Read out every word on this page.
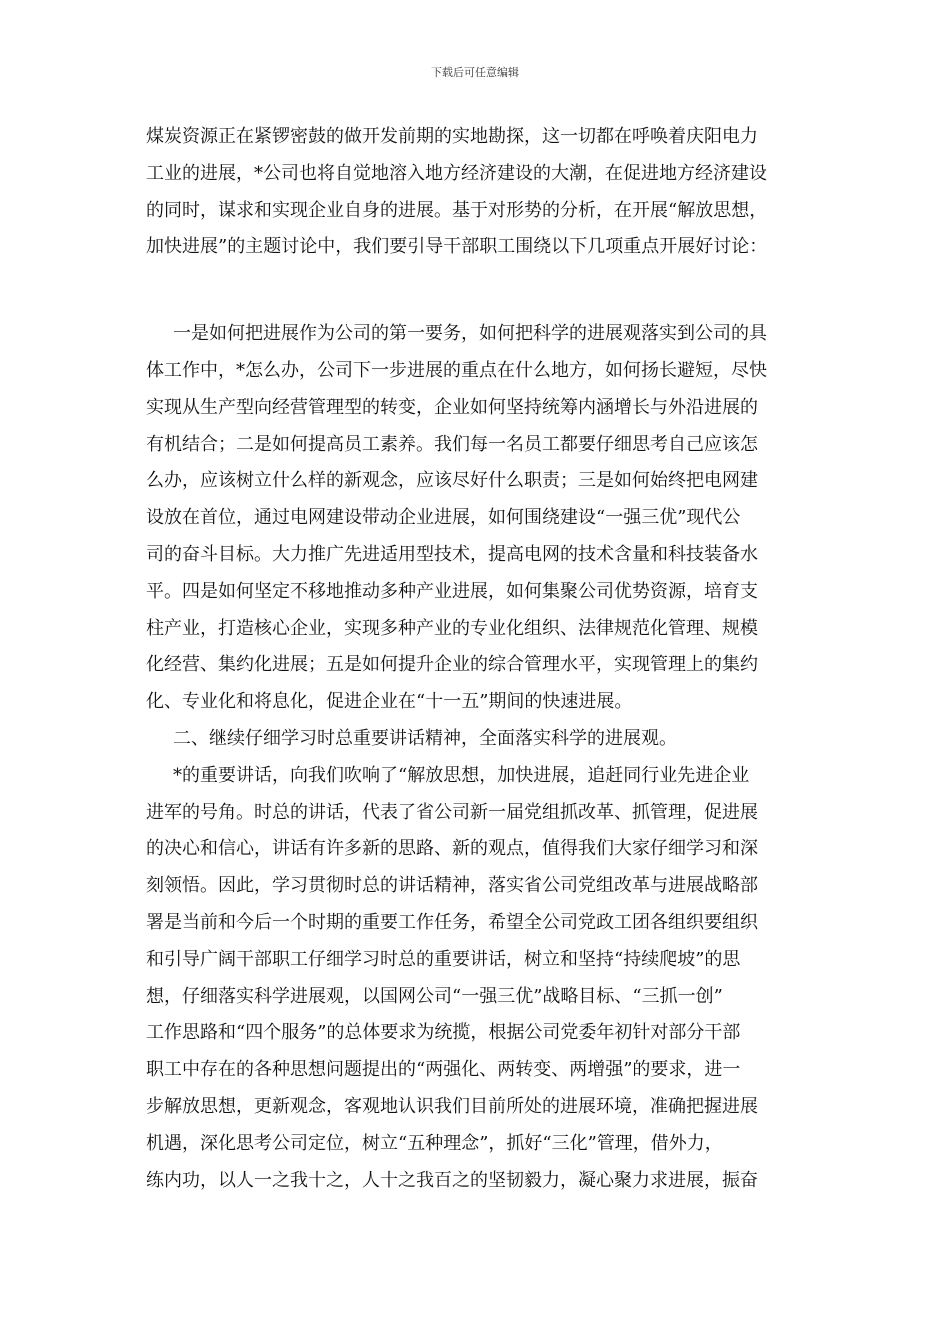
下载后可任意编辑
煤炭资源正在紧锣密鼓的做开发前期的实地勘探，这一切都在呼唤着庆阳电力
工业的进展，*公司也将自觉地溶入地方经济建设的大潮，在促进地方经济建设
的同时，谋求和实现企业自身的进展。基于对形势的分析，在开展“解放思想，
加快进展”的主题讨论中，我们要引导干部职工围绕以下几项重点开展好讨论：
一是如何把进展作为公司的第一要务，如何把科学的进展观落实到公司的具
体工作中，*怎么办，公司下一步进展的重点在什么地方，如何扬长避短，尽快
实现从生产型向经营管理型的转变，企业如何坚持统筹内涵增长与外沿进展的
有机结合；二是如何提高员工素养。我们每一名员工都要仔细思考自己应该怎
么办，应该树立什么样的新观念，应该尽好什么职责；三是如何始终把电网建
设放在首位，通过电网建设带动企业进展，如何围绕建设“一强三优”现代公
司的奋斗目标。大力推广先进适用型技术，提高电网的技术含量和科技装备水
平。四是如何坚定不移地推动多种产业进展，如何集聚公司优势资源，培育支
柱产业，打造核心企业，实现多种产业的专业化组织、法律规范化管理、规模
化经营、集约化进展；五是如何提升企业的综合管理水平，实现管理上的集约
化、专业化和将息化，促进企业在“十一五”期间的快速进展。
二、继续仔细学习时总重要讲话精神，全面落实科学的进展观。
*的重要讲话，向我们吹响了“解放思想，加快进展，追赶同行业先进企业
进军的号角。时总的讲话，代表了省公司新一届党组抓改革、抓管理，促进展
的决心和信心，讲话有许多新的思路、新的观点，值得我们大家仔细学习和深
刻领悟。因此，学习贯彻时总的讲话精神，落实省公司党组改革与进展战略部
署是当前和今后一个时期的重要工作任务，希望全公司党政工团各组织要组织
和引导广阔干部职工仔细学习时总的重要讲话，树立和坚持“持续爬坡”的思
想，仔细落实科学进展观，以国网公司“一强三优”战略目标、“三抓一创”
工作思路和“四个服务”的总体要求为统揽，根据公司党委年初针对部分干部
职工中存在的各种思想问题提出的“两强化、两转变、两增强”的要求，进一
步解放思想，更新观念，客观地认识我们目前所处的进展环境，准确把握进展
机遇，深化思考公司定位，树立“五种理念”，抓好“三化”管理，借外力，
练内功，以人一之我十之，人十之我百之的坚韧毅力，凝心聚力求进展，振奋
